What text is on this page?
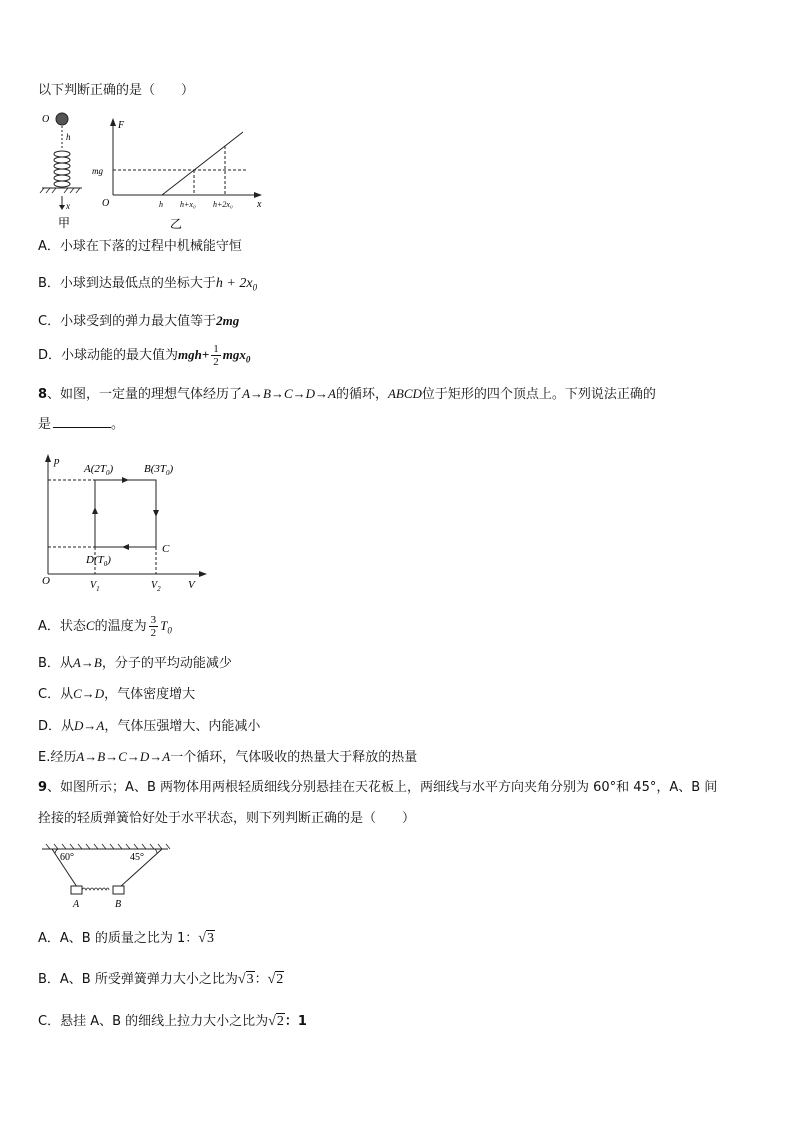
以下判断正确的是（　　）
O
h
x
甲
F
x
O
mg
h h+x₀ h+2x₀
乙
A．小球在下落的过程中机械能守恒
B．小球到达最低点的坐标大于$h + 2x_0$
C．小球受到的弹力最大值等于2mg
D．小球动能的最大值为$mgh+ \frac{1}{2} mgx_0$
8、如图，一定量的理想气体经历了A→B→C→D→A的循环，ABCD位于矩形的四个顶点上。下列说法正确的
是	。
p
V
O
$A(2T_0)$	$B(3T_0)$
C
$D(T_0)$
$V_1$	$V_2$
A．状态C的温度为 $\frac{3}{2} T_0$
B．从A→B，分子的平均动能减少
C．从C→D，气体密度增大
D．从D→A，气体压强增大、内能减小
E.经历A→B→C→D→A一个循环，气体吸收的热量大于释放的热量
9、如图所示；A、B 两物体用两根轻质细线分别悬挂在天花板上，两细线与水平方向夹角分别为 60°和 45°，A、B 间
拴接的轻质弹簧恰好处于水平状态，则下列判断正确的是（　　）
60°	45°
A	B
A．A、B 的质量之比为 1：√3
B．A、B 所受弹簧弹力大小之比为√3：√2
C．悬挂 A、B 的细线上拉力大小之比为√2：1
